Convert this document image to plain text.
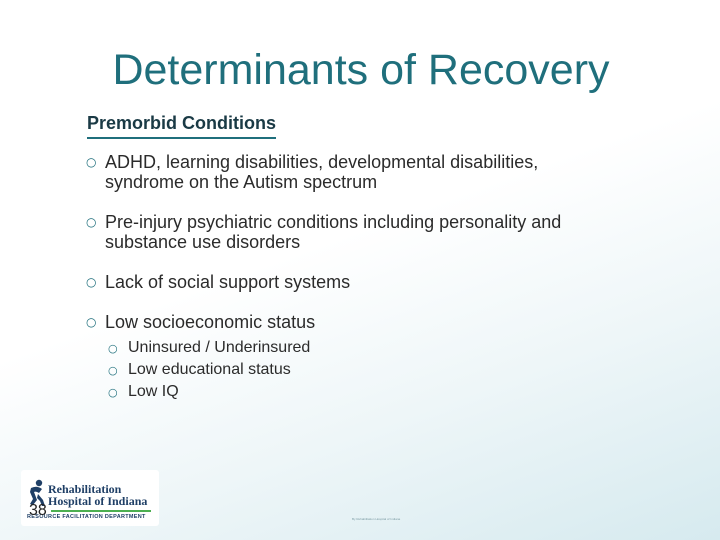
Determinants of Recovery
Premorbid Conditions
○ ADHD, learning disabilities, developmental disabilities,
syndrome on the Autism spectrum
○ Pre-injury psychiatric conditions including personality and
substance use disorders
○ Lack of social support systems
○ Low socioeconomic status
○ Uninsured / Underinsured
○ Low educational status
○ Low IQ
Rehabilitation
Hospital of Indiana
RESOURCE FACILITATION DEPARTMENT
38	By Rehabilitation Hospital of Indiana
